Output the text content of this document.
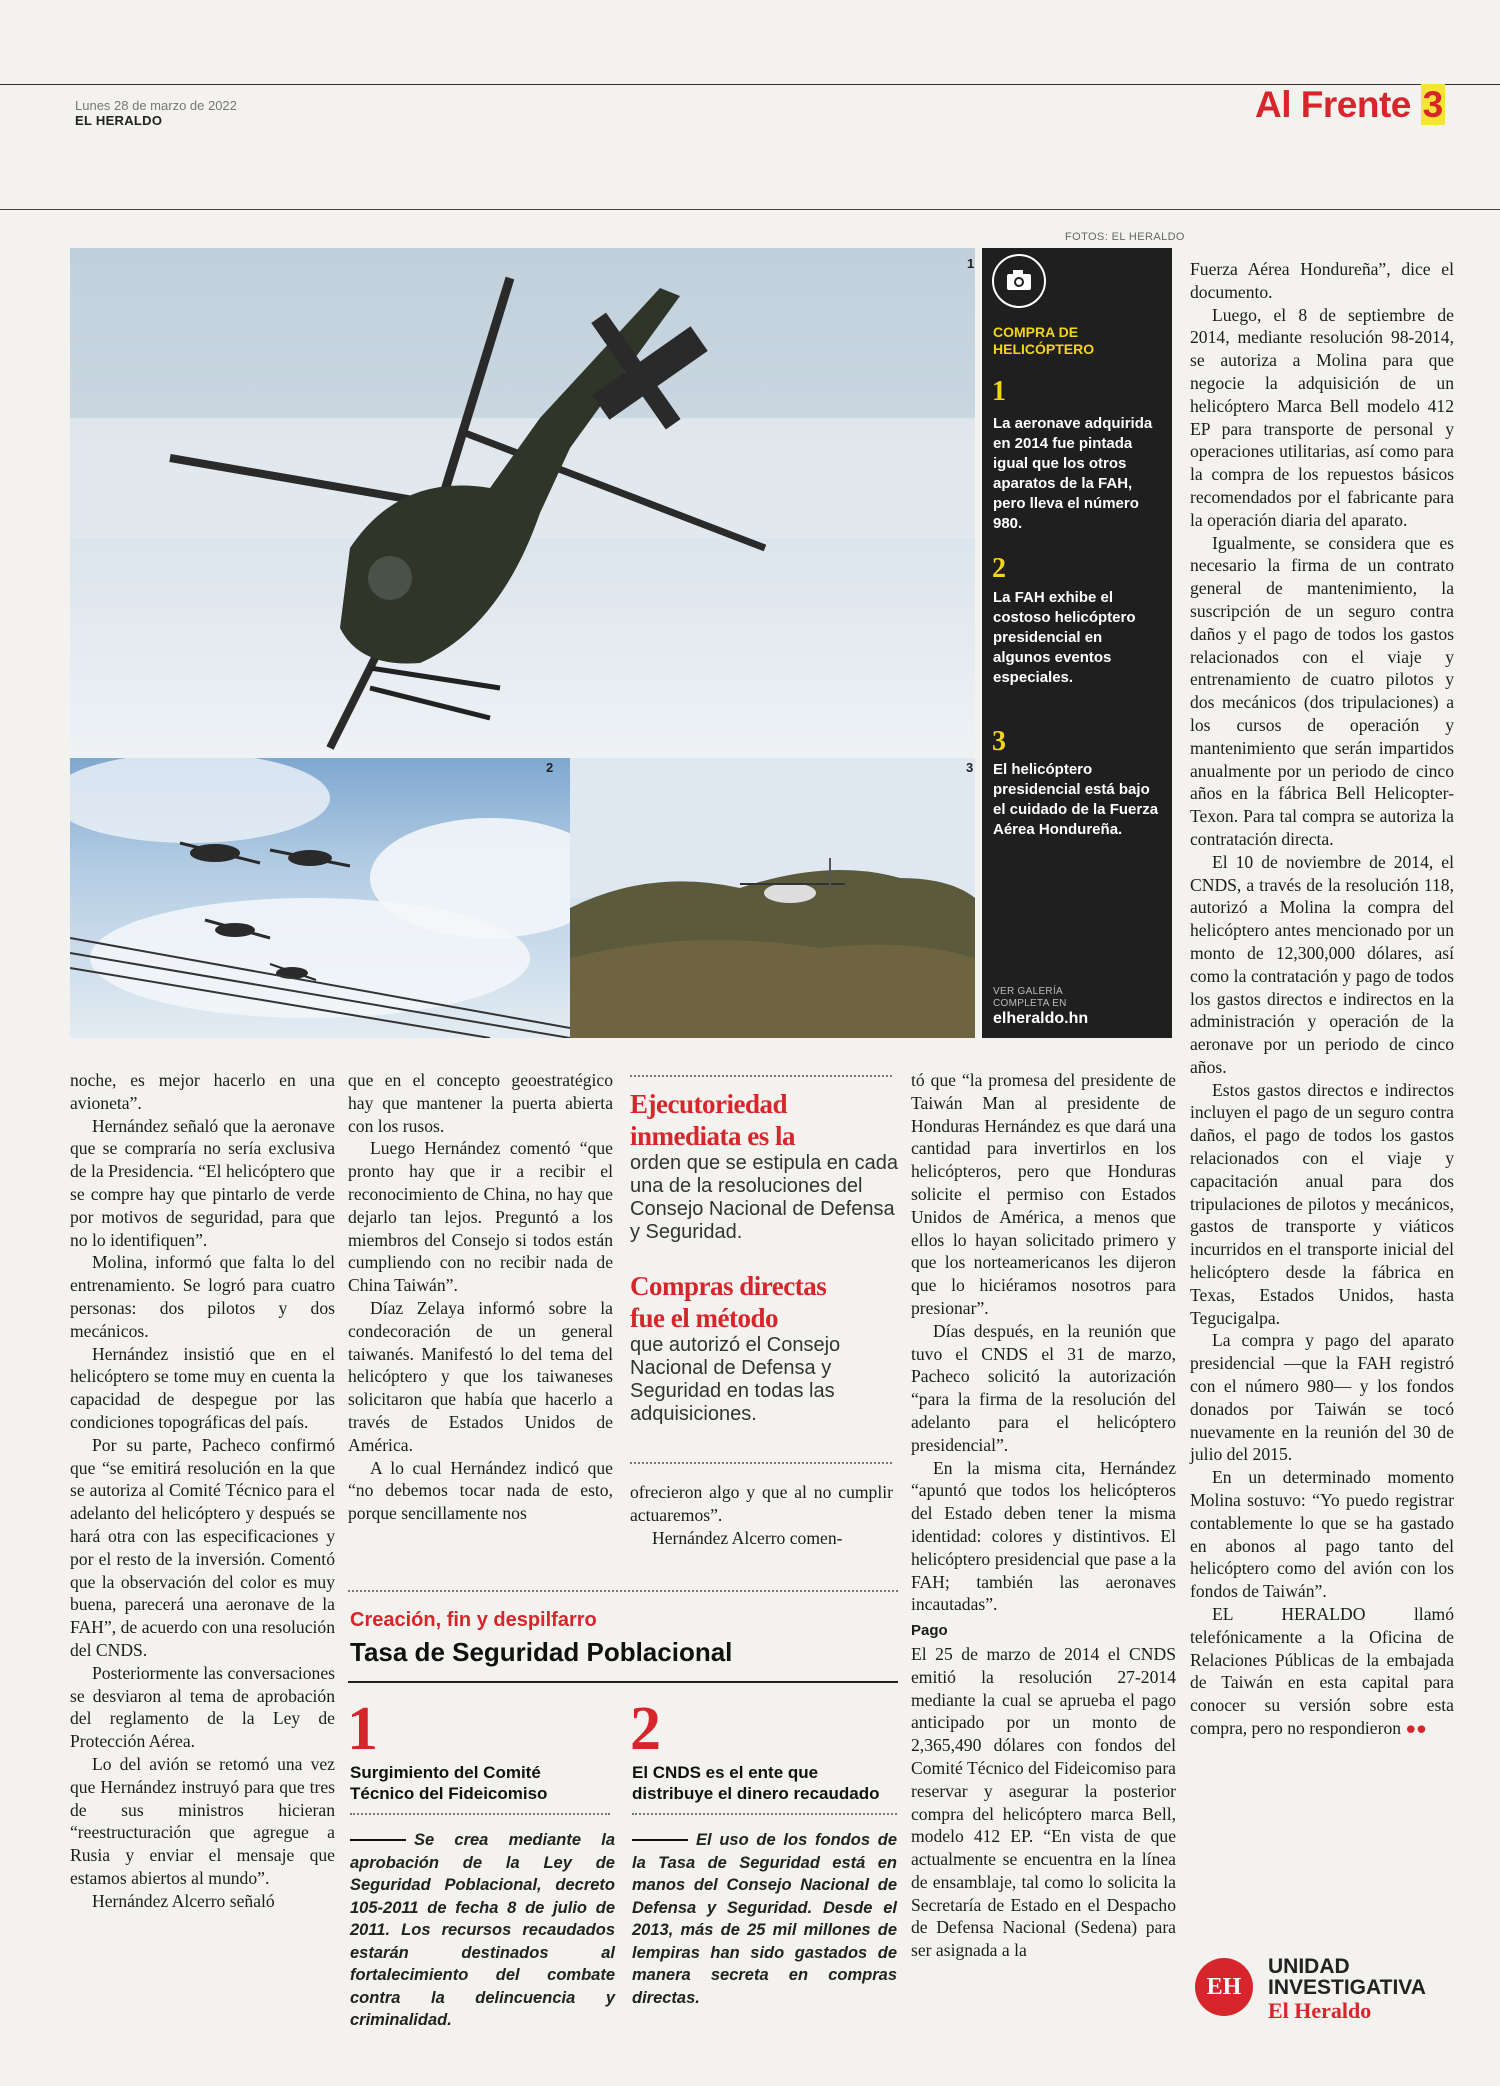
Lunes 28 de marzo de 2022
EL HERALDO	Al Frente 3
FOTOS: EL HERALDO
1
2	3
COMPRA DE
HELICÓPTERO
1
La aeronave adquirida en 2014 fue pintada igual que los otros aparatos de la FAH, pero lleva el número 980.
2
La FAH exhibe el costoso helicóptero presidencial en algunos eventos especiales.
3
El helicóptero presidencial está bajo el cuidado de la Fuerza Aérea Hondureña.
VER GALERÍA
COMPLETA EN
elheraldo.hn

Fuerza Aérea Hondureña”, dice el documento.

Luego, el 8 de septiembre de 2014, mediante resolución 98-2014, se autoriza a Molina para que negocie la adquisición de un helicóptero Marca Bell modelo 412 EP para transporte de personal y operaciones utilitarias, así como para la compra de los repuestos básicos recomendados por el fabricante para la operación diaria del aparato.

Igualmente, se considera que es necesario la firma de un contrato general de mantenimiento, la suscripción de un seguro contra daños y el pago de todos los gastos relacionados con el viaje y entrenamiento de cuatro pilotos y dos mecánicos (dos tripulaciones) a los cursos de operación y mantenimiento que serán impartidos anualmente por un periodo de cinco años en la fábrica Bell Helicopter-Texon. Para tal compra se autoriza la contratación directa.

El 10 de noviembre de 2014, el CNDS, a través de la resolución 118, autorizó a Molina la compra del helicóptero antes mencionado por un monto de 12,300,000 dólares, así como la contratación y pago de todos los gastos directos e indirectos en la administración y operación de la aeronave por un periodo de cinco años.

Estos gastos directos e indirectos incluyen el pago de un seguro contra daños, el pago de todos los gastos relacionados con el viaje y capacitación anual para dos tripulaciones de pilotos y mecánicos, gastos de transporte y viáticos incurridos en el transporte inicial del helicóptero desde la fábrica en Texas, Estados Unidos, hasta Tegucigalpa.

La compra y pago del aparato presidencial —que la FAH registró con el número 980— y los fondos donados por Taiwán se tocó nuevamente en la reunión del 30 de julio del 2015.

En un determinado momento Molina sostuvo: “Yo puedo registrar contablemente lo que se ha gastado en abonos al pago tanto del helicóptero como del avión con los fondos de Taiwán”.

EL HERALDO llamó telefónicamente a la Oficina de Relaciones Públicas de la embajada de Taiwán en esta capital para conocer su versión sobre esta compra, pero no respondieron ●●

noche, es mejor hacerlo en una avioneta”.

Hernández señaló que la aeronave que se compraría no sería exclusiva de la Presidencia. “El helicóptero que se compre hay que pintarlo de verde por motivos de seguridad, para que no lo identifiquen”.

Molina, informó que falta lo del entrenamiento. Se logró para cuatro personas: dos pilotos y dos mecánicos.

Hernández insistió que en el helicóptero se tome muy en cuenta la capacidad de despegue por las condiciones topográficas del país.

Por su parte, Pacheco confirmó que “se emitirá resolución en la que se autoriza al Comité Técnico para el adelanto del helicóptero y después se hará otra con las especificaciones y por el resto de la inversión. Comentó que la observación del color es muy buena, parecerá una aeronave de la FAH”, de acuerdo con una resolución del CNDS.

Posteriormente las conversaciones se desviaron al tema de aprobación del reglamento de la Ley de Protección Aérea.

Lo del avión se retomó una vez que Hernández instruyó para que tres de sus ministros hicieran “reestructuración que agregue a Rusia y enviar el mensaje que estamos abiertos al mundo”.

Hernández Alcerro señaló

que en el concepto geoestratégico hay que mantener la puerta abierta con los rusos.

Luego Hernández comentó “que pronto hay que ir a recibir el reconocimiento de China, no hay que dejarlo tan lejos. Preguntó a los miembros del Consejo si todos están cumpliendo con no recibir nada de China Taiwán”.

Díaz Zelaya informó sobre la condecoración de un general taiwanés. Manifestó lo del tema del helicóptero y que los taiwaneses solicitaron que había que hacerlo a través de Estados Unidos de América.

A lo cual Hernández indicó que “no debemos tocar nada de esto, porque sencillamente nos

Ejecutoriedad
inmediata es la
orden que se estipula en cada una de la resoluciones del Consejo Nacional de Defensa y Seguridad.
Compras directas
fue el método
que autorizó el Consejo Nacional de Defensa y Seguridad en todas las adquisiciones.

ofrecieron algo y que al no cumplir actuaremos”.

Hernández Alcerro comen-

tó que “la promesa del presidente de Taiwán Man al presidente de Honduras Hernández es que dará una cantidad para invertirlos en los helicópteros, pero que Honduras solicite el permiso con Estados Unidos de América, a menos que ellos lo hayan solicitado primero y que los norteamericanos les dijeron que lo hiciéramos nosotros para presionar”.

Días después, en la reunión que tuvo el CNDS el 31 de marzo, Pacheco solicitó la autorización “para la firma de la resolución del adelanto para el helicóptero presidencial”.

En la misma cita, Hernández “apuntó que todos los helicópteros del Estado deben tener la misma identidad: colores y distintivos. El helicóptero presidencial que pase a la FAH; también las aeronaves incautadas”.

Pago

El 25 de marzo de 2014 el CNDS emitió la resolución 27-2014 mediante la cual se aprueba el pago anticipado por un monto de 2,365,490 dólares con fondos del Comité Técnico del Fideicomiso para reservar y asegurar la posterior compra del helicóptero marca Bell, modelo 412 EP. “En vista de que actualmente se encuentra en la línea de ensamblaje, tal como lo solicita la Secretaría de Estado en el Despacho de Defensa Nacional (Sedena) para ser asignada a la

Creación, fin y despilfarro
Tasa de Seguridad Poblacional
1
Surgimiento del Comité Técnico del Fideicomiso
Se crea mediante la aprobación de la Ley de Seguridad Poblacional, decreto 105-2011 de fecha 8 de julio de 2011. Los recursos recaudados estarán destinados al fortalecimiento del combate contra la delincuencia y criminalidad.
2
El CNDS es el ente que distribuye el dinero recaudado
El uso de los fondos de la Tasa de Seguridad está en manos del Consejo Nacional de Defensa y Seguridad. Desde el 2013, más de 25 mil millones de lempiras han sido gastados de manera secreta en compras directas.	EH
UNIDAD
INVESTIGATIVA
El Heraldo
